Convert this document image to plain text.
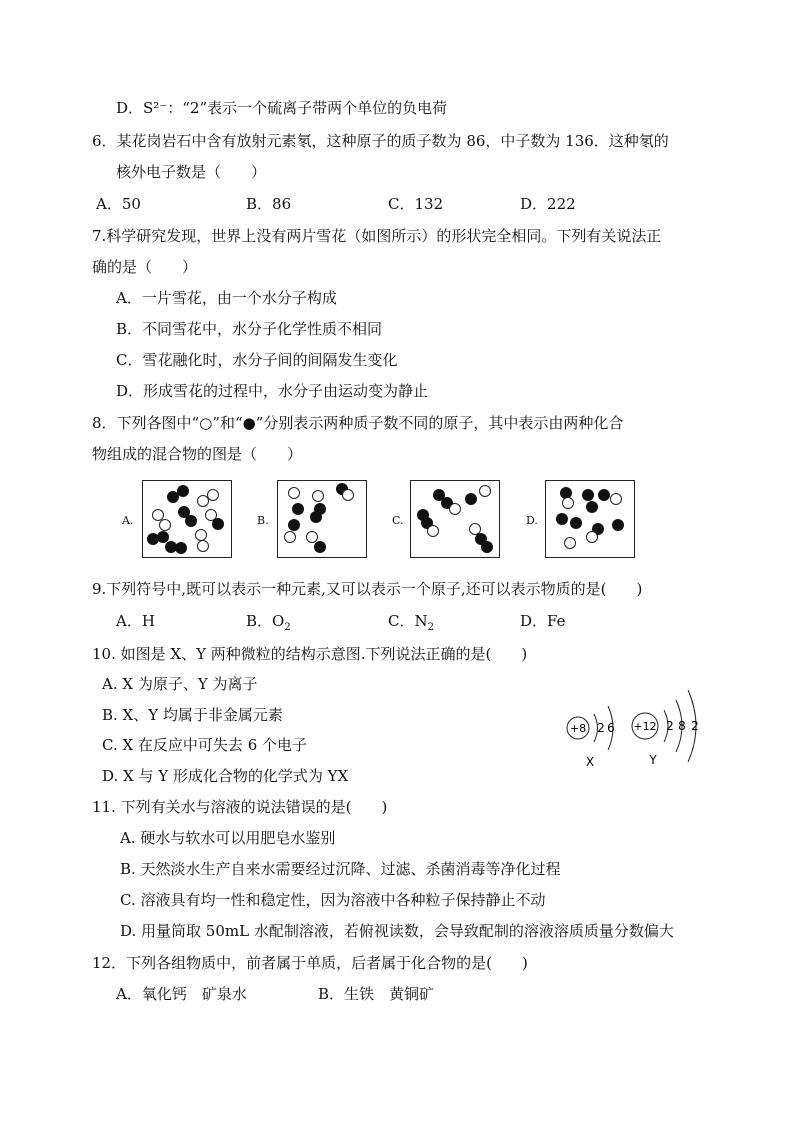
D．S²⁻：“2”表示一个硫离子带两个单位的负电荷
6．某花岗岩石中含有放射元素氡，这种原子的质子数为 86，中子数为 136．这种氡的
核外电子数是（　　）
A．50	B．86	C．132	D．222
7.科学研究发现，世界上没有两片雪花（如图所示）的形状完全相同。下列有关说法正
确的是（　　）
A．一片雪花，由一个水分子构成
B．不同雪花中，水分子化学性质不相同
C．雪花融化时，水分子间的间隔发生变化
D．形成雪花的过程中，水分子由运动变为静止
8．下列各图中“○”和“●”分别表示两种质子数不同的原子，其中表示由两种化合
物组成的混合物的图是（　　）
A.	B.	C.	D.
9.下列符号中,既可以表示一种元素,又可以表示一个原子,还可以表示物质的是(　　)
A．H	B．$O_2$	C．$N_2$	D．Fe
10. 如图是 X、Y 两种微粒的结构示意图.下列说法正确的是(　　)
A. X 为原子、Y 为离子
B. X、Y 均属于非金属元素
C. X 在反应中可失去 6 个电子
D. X 与 Y 形成化合物的化学式为 YX
+8 2 6
X
+12 2 8 2
Y
11. 下列有关水与溶液的说法错误的是(　　)
A. 硬水与软水可以用肥皂水鉴别
B. 天然淡水生产自来水需要经过沉降、过滤、杀菌消毒等净化过程
C. 溶液具有均一性和稳定性，因为溶液中各种粒子保持静止不动
D. 用量筒取 50mL 水配制溶液，若俯视读数，会导致配制的溶液溶质质量分数偏大
12．下列各组物质中，前者属于单质，后者属于化合物的是(　　)
A．氧化钙　矿泉水	B．生铁　黄铜矿
